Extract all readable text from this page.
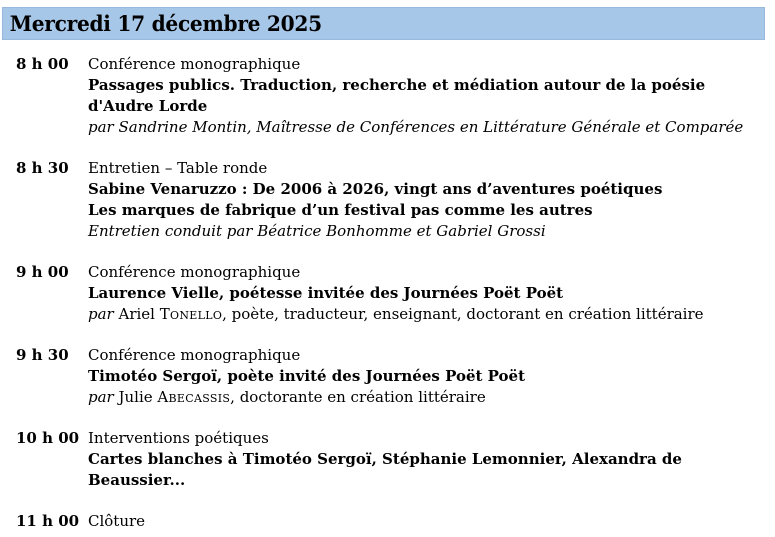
Mercredi 17 décembre 2025
8 h 00	Conférence monographique
Passages publics. Traduction, recherche et médiation autour de la poésie
d'Audre Lorde
par Sandrine Montin, Maîtresse de Conférences en Littérature Générale et Comparée
8 h 30	Entretien – Table ronde
Sabine Venaruzzo : De 2006 à 2026, vingt ans d’aventures poétiques
Les marques de fabrique d’un festival pas comme les autres
Entretien conduit par Béatrice Bonhomme et Gabriel Grossi
9 h 00	Conférence monographique
Laurence Vielle, poétesse invitée des Journées Poët Poët
par Ariel Tonello, poète, traducteur, enseignant, doctorant en création littéraire
9 h 30	Conférence monographique
Timotéo Sergoï, poète invité des Journées Poët Poët
par Julie Abecassis, doctorante en création littéraire
10 h 00 Interventions poétiques
Cartes blanches à Timotéo Sergoï, Stéphanie Lemonnier, Alexandra de
Beaussier...
11 h 00 Clôture
